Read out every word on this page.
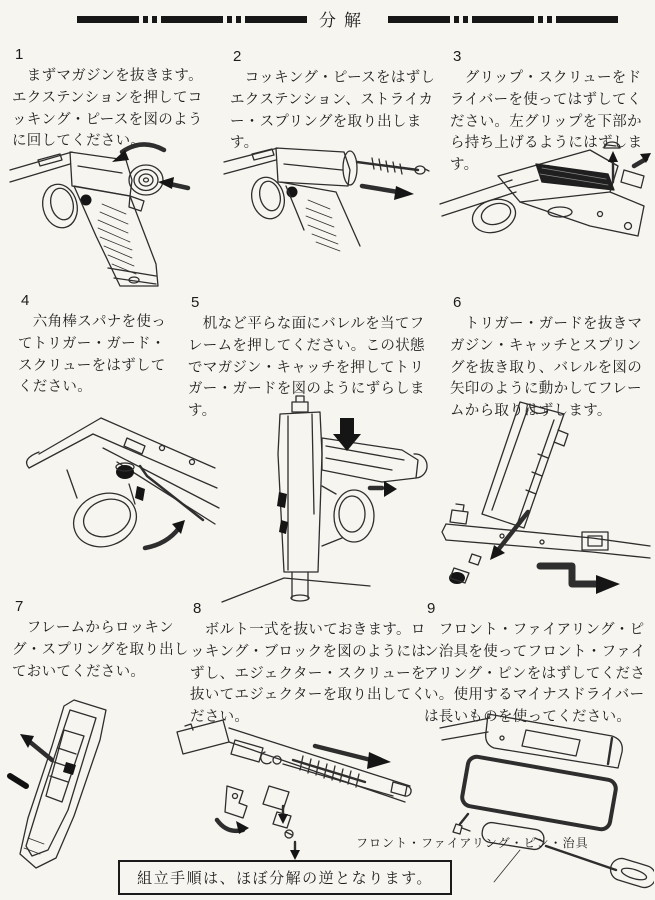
分解
1

　まずマガジンを抜きます。エクステンションを押してコッキング・ピースを図のように回してください。

2

　コッキング・ピースをはずしエクステンション、ストライカー・スプリングを取り出します。

3

　グリップ・スクリューをドライバーを使ってはずしてください。左グリップを下部から持ち上げるようにはずします。

4

　六角棒スパナを使ってトリガー・ガード・スクリューをはずしてください。

5

　机など平らな面にバレルを当てフレームを押してください。この状態でマガジン・キャッチを押してトリガー・ガードを図のようにずらします。

6

　トリガー・ガードを抜きマガジン・キャッチとスプリングを抜き取り、バレルを図の矢印のように動かしてフレームから取りはずします。

7

　フレームからロッキング・スプリングを取り出しておいてください。

8

　ボルト一式を抜いておきます。ロッキング・ブロックを図のようにはずし、エジェクター・スクリューを抜いてエジェクターを取り出してください。

9

　フロント・ファイアリング・ピン治具を使ってフロント・ファイアリング・ピンをはずしてください。使用するマイナスドライバーは長いものを使ってください。

フロント・ファイアリング・ピン・治具
組立手順は、ほぼ分解の逆となります。
